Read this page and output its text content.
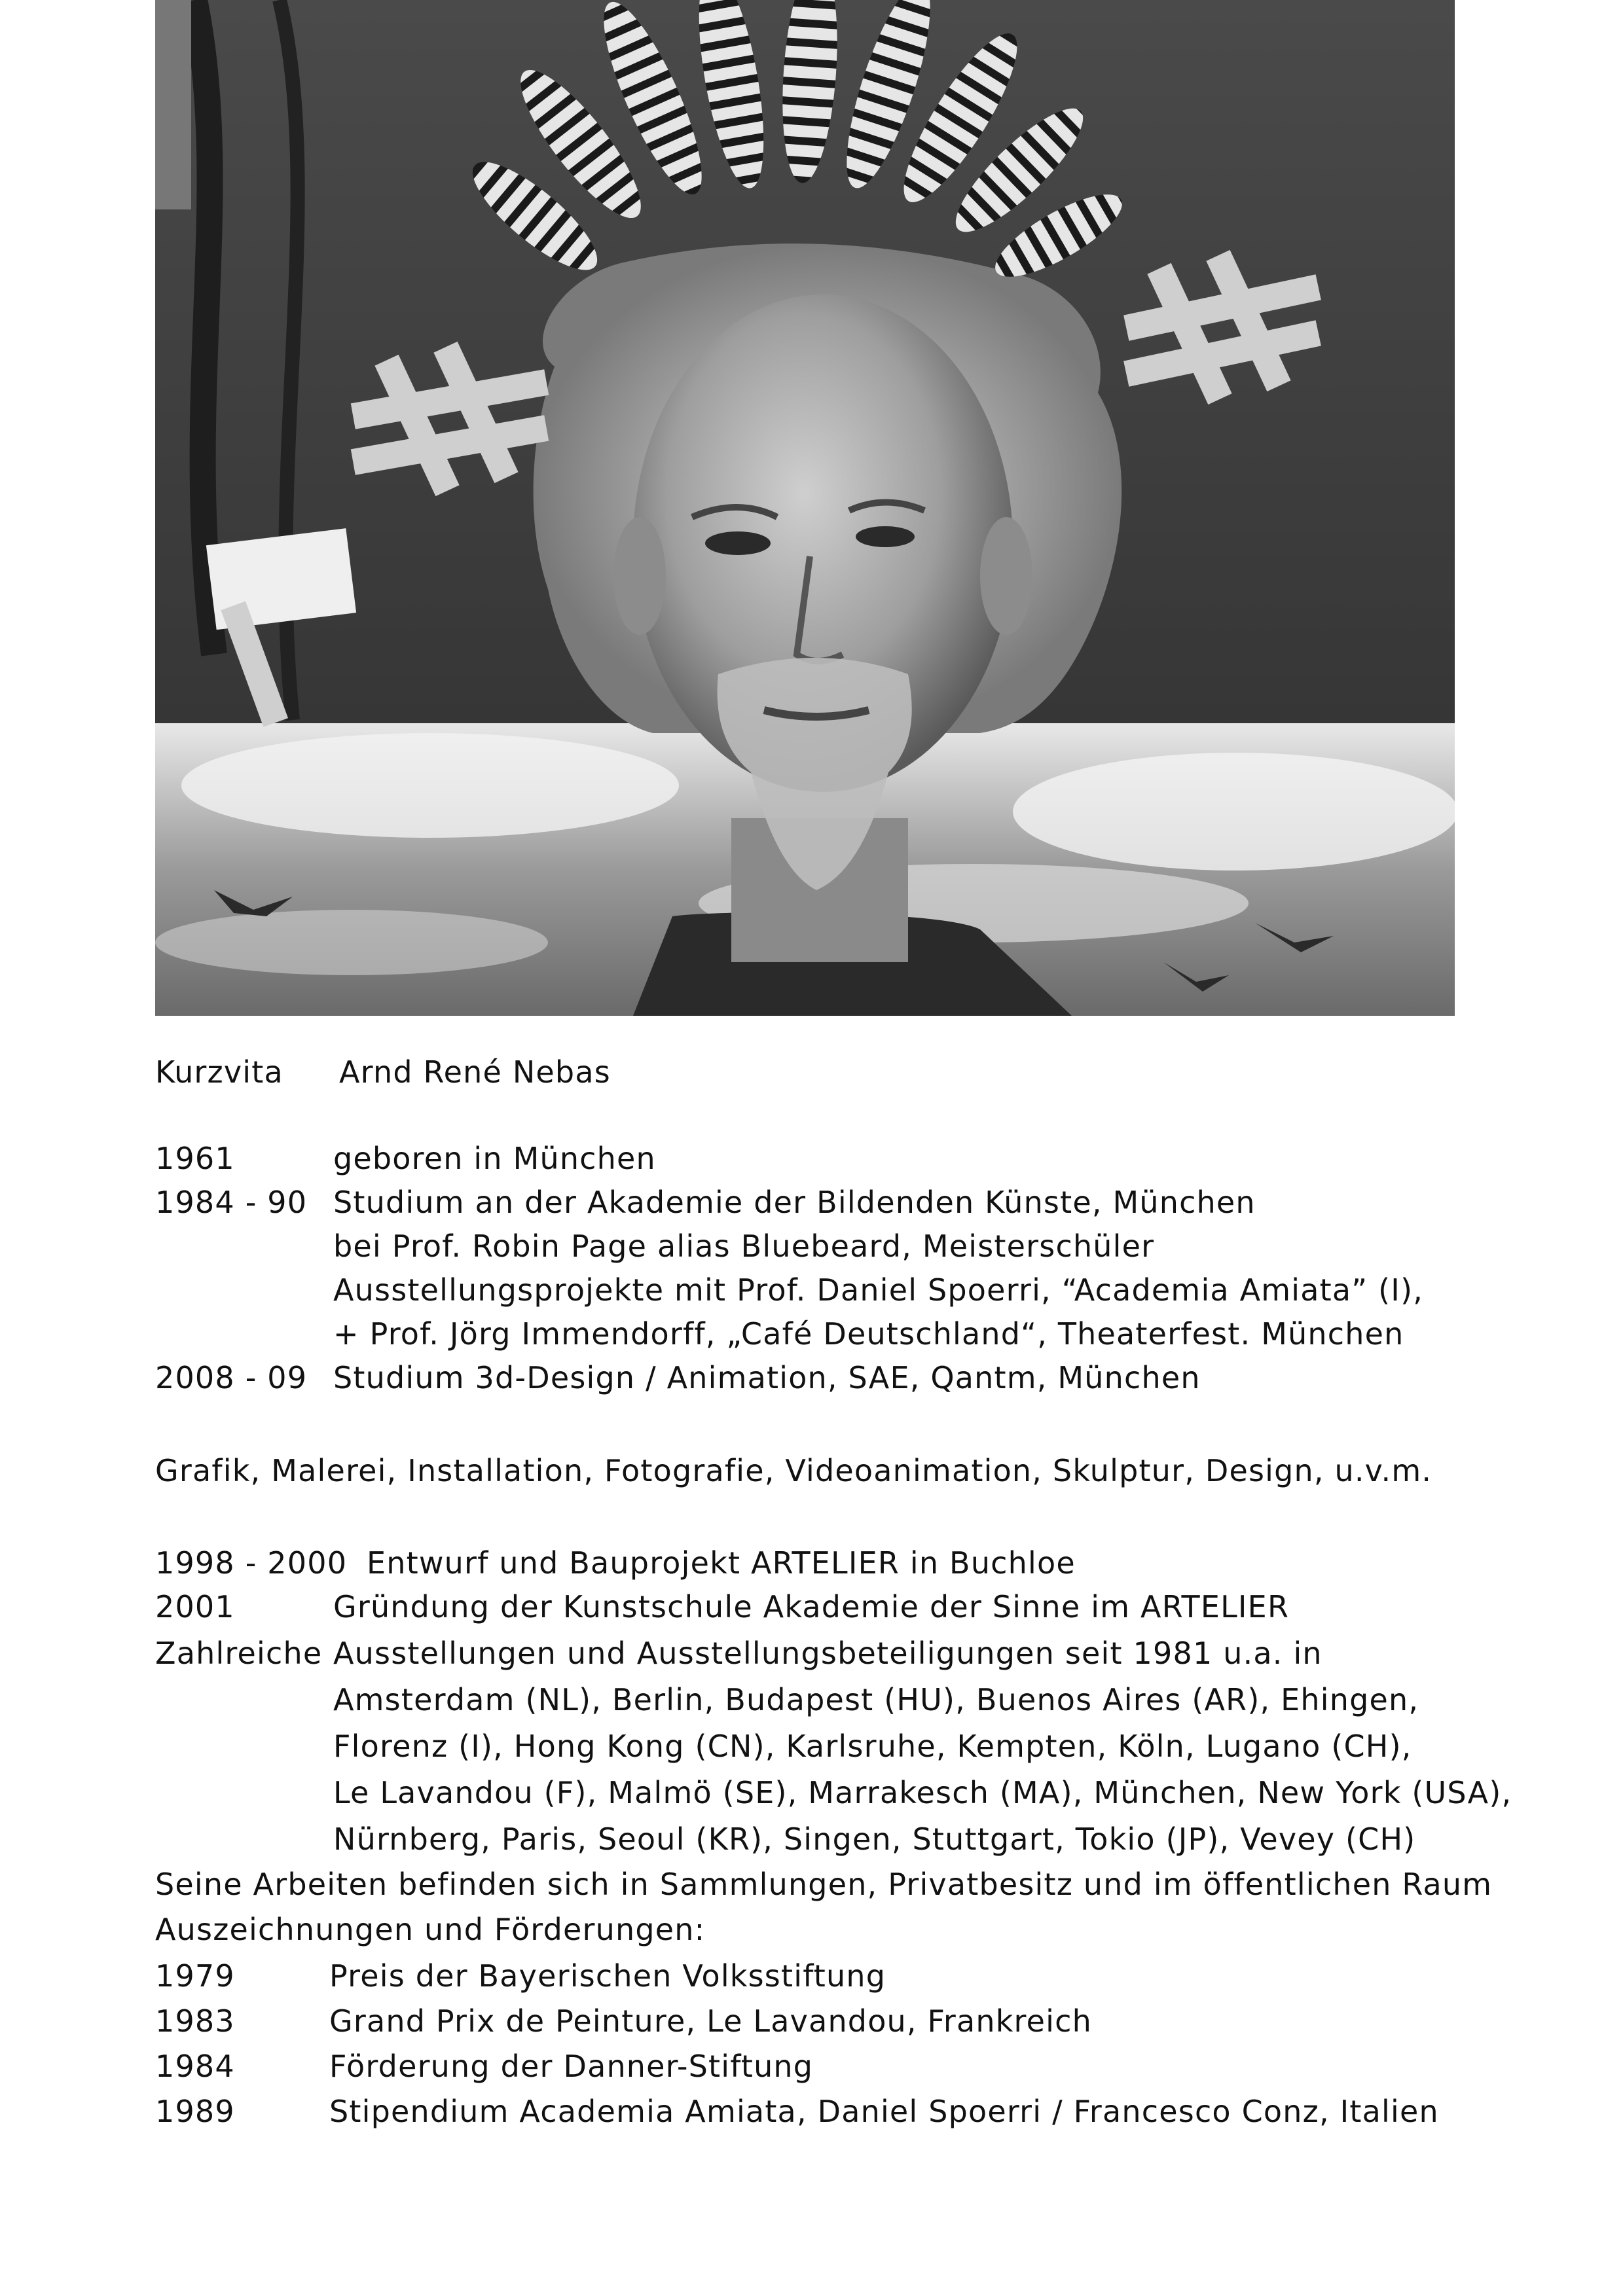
Kurzvita Arnd René Nebas
1961	geboren in München
1984 - 90 Studium an der Akademie der Bildenden Künste, München
bei Prof. Robin Page alias Bluebeard, Meisterschüler
Ausstellungsprojekte mit Prof. Daniel Spoerri, “Academia Amiata” (I),
+ Prof. Jörg Immendorff, „Café Deutschland“, Theaterfest. München
2008 - 09 Studium 3d-Design / Animation, SAE, Qantm, München
Grafik, Malerei, Installation, Fotografie, Videoanimation, Skulptur, Design, u.v.m.
1998 - 2000 Entwurf und Bauprojekt ARTELIER in Buchloe
2001	Gründung der Kunstschule Akademie der Sinne im ARTELIER
Zahlreiche Ausstellungen und Ausstellungsbeteiligungen seit 1981 u.a. in
Amsterdam (NL), Berlin, Budapest (HU), Buenos Aires (AR), Ehingen,
Florenz (I), Hong Kong (CN), Karlsruhe, Kempten, Köln, Lugano (CH),
Le Lavandou (F), Malmö (SE), Marrakesch (MA), München, New York (USA),
Nürnberg, Paris, Seoul (KR), Singen, Stuttgart, Tokio (JP), Vevey (CH)
Seine Arbeiten befinden sich in Sammlungen, Privatbesitz und im öffentlichen Raum
Auszeichnungen und Förderungen:
1979	Preis der Bayerischen Volksstiftung
1983	Grand Prix de Peinture, Le Lavandou, Frankreich
1984	Förderung der Danner-Stiftung
1989	Stipendium Academia Amiata, Daniel Spoerri / Francesco Conz, Italien
